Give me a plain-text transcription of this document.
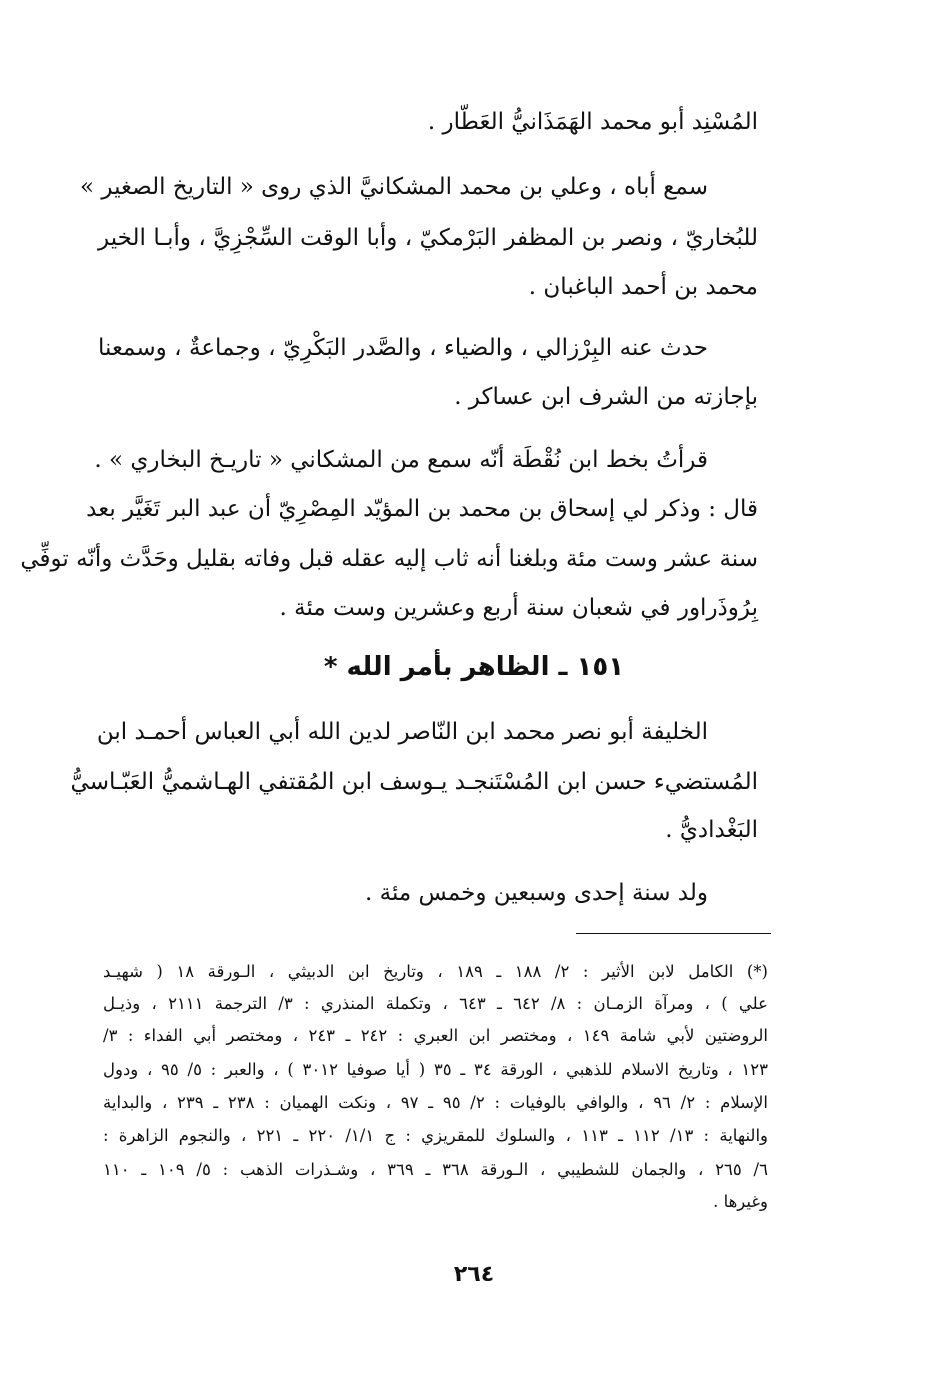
المُسْنِد أبو محمد الهَمَذَانيُّ العَطّار .
سمع أباه ، وعلي بن محمد المشكانيَّ الذي روى « التاريخ الصغير »
للبُخاريّ ، ونصر بن المظفر البَرْمكيّ ، وأبا الوقت السِّجْزِيَّ ، وأبـا الخير
محمد بن أحمد الباغبان .
حدث عنه البِرْزالي ، والضياء ، والصَّدر البَكْرِيّ ، وجماعةٌ ، وسمعنا
بإجازته من الشرف ابن عساكر .
قرأتُ بخط ابن نُقْطَة أنّه سمع من المشكاني « تاريـخ البخاري » .
قال : وذكر لي إسحاق بن محمد بن المؤيّد المِصْرِيّ أن عبد البر تَغَيَّر بعد
سنة عشر وست مئة وبلغنا أنه ثاب إليه عقله قبل وفاته بقليل وحَدَّث وأنّه توفِّي
بِرُوذَراور في شعبان سنة أربع وعشرين وست مئة .
١٥١ ـ الظاهر بأمر الله *
الخليفة أبو نصر محمد ابن النّاصر لدين الله أبي العباس أحمـد ابن
المُستضيء حسن ابن المُسْتَنجـد يـوسف ابن المُقتفي الهـاشميُّ العَبّـاسيُّ
البَغْداديُّ .
ولد سنة إحدى وسبعين وخمس مئة .
(*) الكامل لابن الأثير : ٢/ ١٨٨ ـ ١٨٩ ، وتاريخ ابن الدبيثي ، الـورقة ١٨ ( شهيـد
علي ) ، ومرآة الزمـان : ٨/ ٦٤٢ ـ ٦٤٣ ، وتكملة المنذري : ٣/ الترجمة ٢١١١ ، وذيـل
الروضتين لأبي شامة ١٤٩ ، ومختصر ابن العبري : ٢٤٢ ـ ٢٤٣ ، ومختصر أبي الفداء : ٣/
١٢٣ ، وتاريخ الاسلام للذهبي ، الورقة ٣٤ ـ ٣٥ ( أيا صوفيا ٣٠١٢ ) ، والعبر : ٥/ ٩٥ ، ودول
الإسلام : ٢/ ٩٦ ، والوافي بالوفيات : ٢/ ٩٥ ـ ٩٧ ، ونكت الهميان : ٢٣٨ ـ ٢٣٩ ، والبداية
والنهاية : ١٣/ ١١٢ ـ ١١٣ ، والسلوك للمقريزي : ج ١/١/ ٢٢٠ ـ ٢٢١ ، والنجوم الزاهرة :
٦/ ٢٦٥ ، والجمان للشطيبي ، الـورقة ٣٦٨ ـ ٣٦٩ ، وشـذرات الذهب : ٥/ ١٠٩ ـ ١١٠
وغيرها .
٢٦٤
